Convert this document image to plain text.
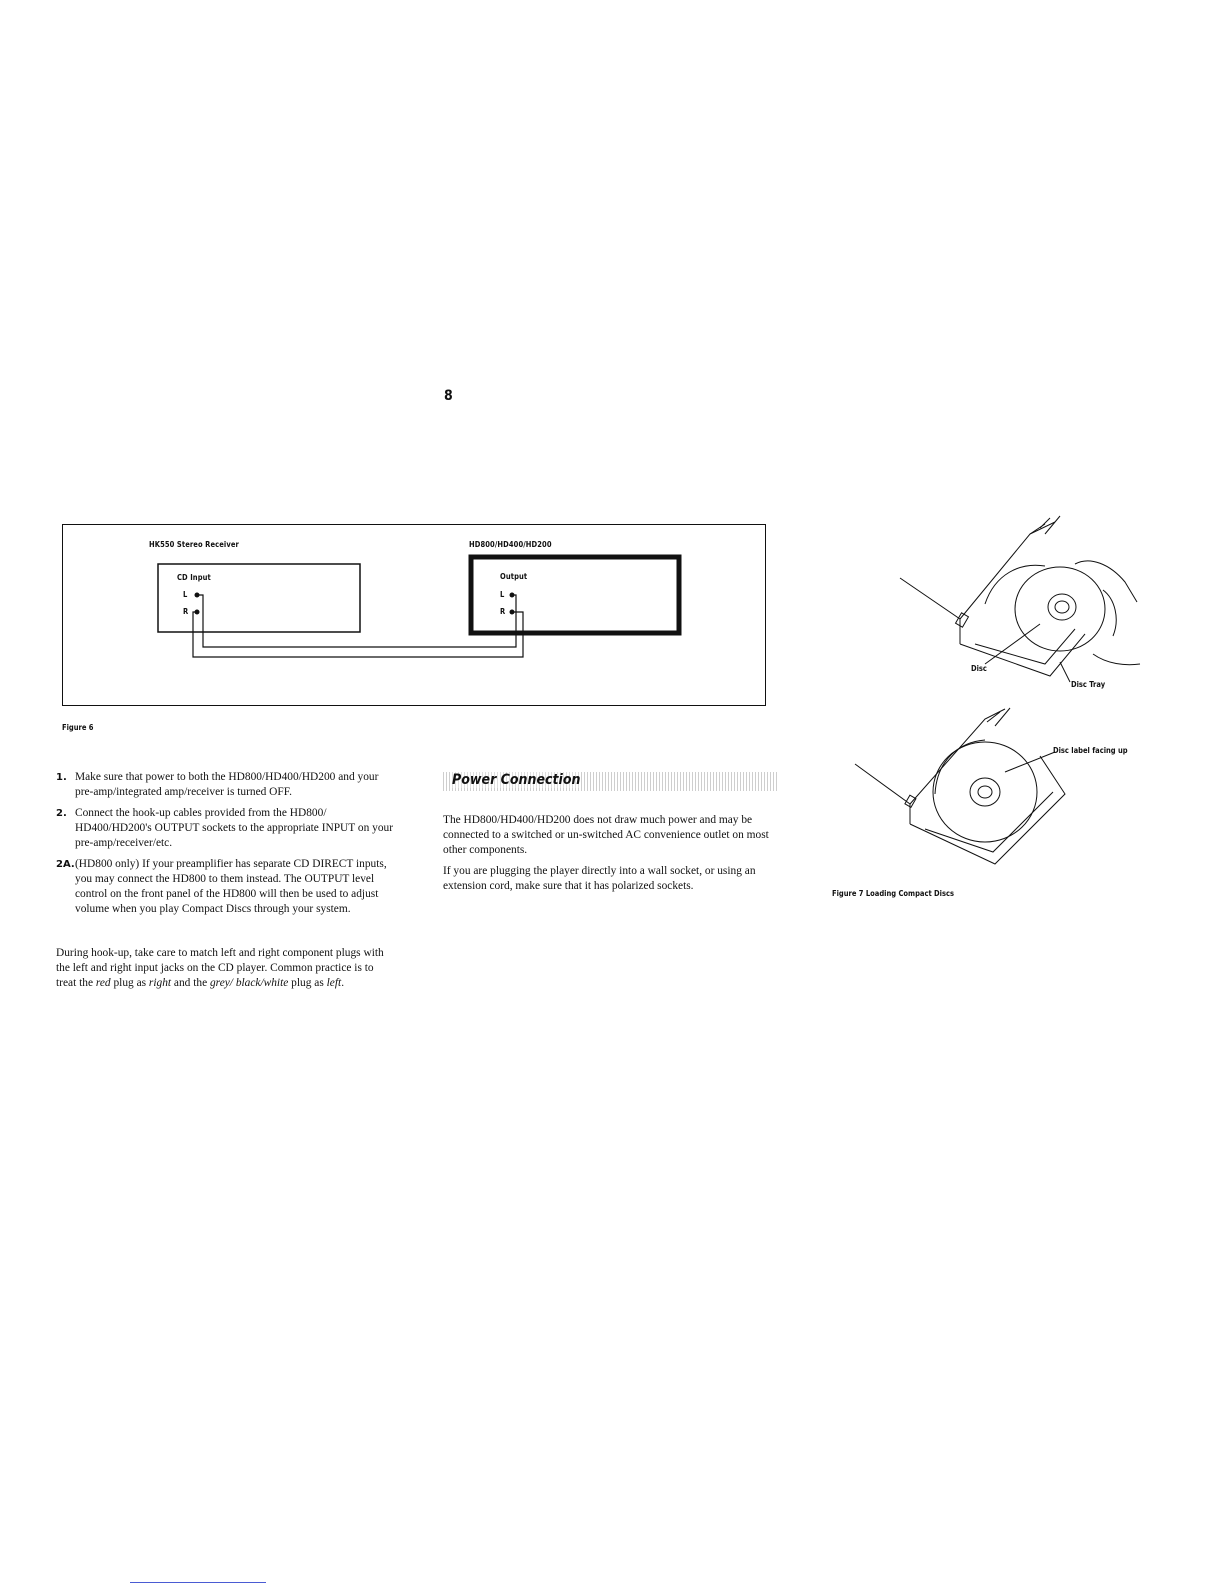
8
HK550 Stereo Receiver	HD800/HD400/HD200
CD Input	Output
L
R
L
R
Figure 6
1. Make sure that power to both the HD800/HD400/HD200 and your pre-amp/integrated amp/receiver is turned OFF.
2. Connect the hook-up cables provided from the HD800/ HD400/HD200's OUTPUT sockets to the appropriate INPUT on your pre-amp/receiver/etc.
2A. (HD800 only) If your preamplifier has separate CD DIRECT inputs, you may connect the HD800 to them instead. The OUTPUT level control on the front panel of the HD800 will then be used to adjust volume when you play Compact Discs through your system.
During hook-up, take care to match left and right component plugs with the left and right input jacks on the CD player. Common practice is to treat the red plug as right and the grey/ black/white plug as left.
Power Connection

The HD800/HD400/HD200 does not draw much power and may be connected to a switched or un-switched AC convenience outlet on most other components.

If you are plugging the player directly into a wall socket, or using an extension cord, make sure that it has polarized sockets.

Disc
Disc Tray
Disc label facing up
Figure 7 Loading Compact Discs
